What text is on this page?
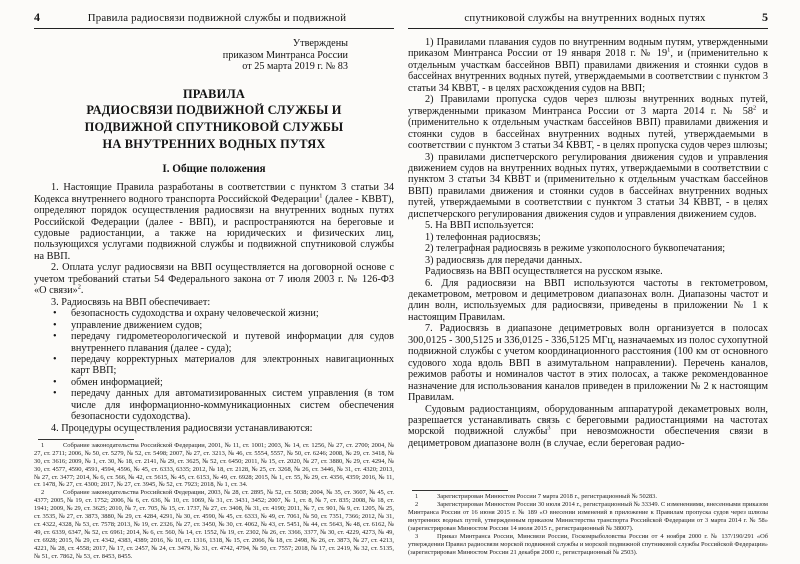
4	Правила радиосвязи подвижной службы и подвижной
Утверждены
приказом Минтранса России
от 25 марта 2019 г. № 83
ПРАВИЛА
РАДИОСВЯЗИ ПОДВИЖНОЙ СЛУЖБЫ И
ПОДВИЖНОЙ СПУТНИКОВОЙ СЛУЖБЫ
НА ВНУТРЕННИХ ВОДНЫХ ПУТЯХ
I. Общие положения

1. Настоящие Правила разработаны в соответствии с пунктом 3 статьи 34 Кодекса внутреннего водного транспорта Российской Федерации$^1$ (далее - КВВТ), определяют порядок осуществления радиосвязи на внутренних водных путях Российской Федерации (далее - ВВП), и распространяются на береговые и судовые радиостанции, а также на юридических и физических лиц, пользующихся услугами подвижной службы и подвижной спутниковой службы на ВВП.

2. Оплата услуг радиосвязи на ВВП осуществляется на договорной основе с учетом требований статьи 54 Федерального закона от 7 июля 2003 г. № 126-ФЗ «О связи»$^2$.

3. Радиосвязь на ВВП обеспечивает:

•	безопасность судоходства и охрану человеческой жизни;
•	управление движением судов;
•	передачу гидрометеорологической и путевой информации для судов внутреннего плавания (далее - суда);
•	передачу корректурных материалов для электронных навигационных карт ВВП;
•	обмен информацией;
•	передачу данных для автоматизированных систем управления (в том числе для информационно-коммуникационных систем обеспечения безопасности судоходства).

4. Процедуры осуществления радиосвязи устанавливаются:

1	Собрание законодательства Российской Федерации, 2001, № 11, ст. 1001; 2003, № 14, ст. 1256, № 27, ст. 2700; 2004, № 27, ст. 2711; 2006, № 50, ст. 5279, № 52, ст. 5498; 2007, № 27, ст. 3213, № 46, ст. 5554, 5557, № 50, ст. 6246; 2008, № 29, ст. 3418, № 30, ст. 3616; 2009, № 1, ст. 30, № 18, ст. 2141, № 29, ст. 3625, № 52, ст. 6450; 2011, № 15, ст. 2020, № 27, ст. 3880, № 29, ст. 4294, № 30, ст. 4577, 4590, 4591, 4594, 4596, № 45, ст. 6333, 6335; 2012, № 18, ст. 2128, № 25, ст. 3268, № 26, ст. 3446, № 31, ст. 4320; 2013, № 27, ст. 3477; 2014, № 6, ст. 566, № 42, ст. 5615, № 45, ст. 6153, № 49, ст. 6928; 2015, № 1, ст. 55, № 29, ст. 4356, 4359; 2016, № 11, ст. 1478, № 27, ст. 4300; 2017, № 27, ст. 3945, № 52, ст. 7923; 2018, № 1, ст. 34.

2	Собрание законодательства Российской Федерации, 2003, № 28, ст. 2895, № 52, ст. 5038; 2004, № 35, ст. 3607, № 45, ст. 4377; 2005, № 19, ст. 1752; 2006, № 6, ст. 636, № 10, ст. 1069, № 31, ст. 3431, 3452; 2007, № 1, ст. 8, № 7, ст. 835; 2008, № 18, ст. 1941; 2009, № 29, ст. 3625; 2010, № 7, ст. 705, № 15, ст. 1737, № 27, ст. 3408, № 31, ст. 4190; 2011, № 7, ст. 901, № 9, ст. 1205, № 25, ст. 3535, № 27, ст. 3873, 3880, № 29, ст. 4284, 4291, № 30, ст. 4590, № 45, ст. 6333, № 49, ст. 7061, № 50, ст. 7351, 7366; 2012, № 31, ст. 4322, 4328, № 53, ст. 7578; 2013, № 19, ст. 2326, № 27, ст. 3450, № 30, ст. 4062, № 43, ст. 5451, № 44, ст. 5643, № 48, ст. 6162, № 49, ст. 6339, 6347, № 52, ст. 6961; 2014, № 6, ст. 560, № 14, ст. 1552, № 19, ст. 2302, № 26, ст. 3366, 3377, № 30, ст. 4229, 4273, № 49, ст. 6928; 2015, № 29, ст. 4342, 4383, 4389; 2016, № 10, ст. 1316, 1318, № 15, ст. 2066, № 18, ст. 2498, № 26, ст. 3873, № 27, ст. 4213, 4221, № 28, ст. 4558; 2017, № 17, ст. 2457, № 24, ст. 3479, № 31, ст. 4742, 4794, № 50, ст. 7557; 2018, № 17, ст. 2419, № 32, ст. 5135, № 51, ст. 7862, № 53, ст. 8453, 8455.

спутниковой службы на внутренних водных путях	5

1) Правилами плавания судов по внутренним водным путям, утвержденными приказом Минтранса России от 19 января 2018 г. № $19^1$, и (применительно к отдельным участкам бассейнов ВВП) правилами движения и стоянки судов в бассейнах внутренних водных путей, утверждаемыми в соответствии с пунктом 3 статьи 34 КВВТ, - в целях расхождения судов на ВВП;

2) Правилами пропуска судов через шлюзы внутренних водных путей, утвержденными приказом Минтранса России от 3 марта 2014 г. № $58^2$ и (применительно к отдельным участкам бассейнов ВВП) правилами движения и стоянки судов в бассейнах внутренних водных путей, утверждаемыми в соответствии с пунктом 3 статьи 34 КВВТ, - в целях пропуска судов через шлюзы;

3) правилами диспетчерского регулирования движения судов и управления движением судов на внутренних водных путях, утверждаемыми в соответствии с пунктом 3 статьи 34 КВВТ и (применительно к отдельным участкам бассейнов ВВП) правилами движения и стоянки судов в бассейнах внутренних водных путей, утверждаемыми в соответствии с пунктом 3 статьи 34 КВВТ, - в целях диспетчерского регулирования движения судов и управления движением судов.

5. На ВВП используется:

1) телефонная радиосвязь;

2) телеграфная радиосвязь в режиме узкополосного буквопечатания;

3) радиосвязь для передачи данных.

Радиосвязь на ВВП осуществляется на русском языке.

6. Для радиосвязи на ВВП используются частоты в гектометровом, декаметровом, метровом и дециметровом диапазонах волн. Диапазоны частот и длин волн, используемых для радиосвязи, приведены в приложении № 1 к настоящим Правилам.

7. Радиосвязь в диапазоне дециметровых волн организуется в полосах 300,0125 - 300,5125 и 336,0125 - 336,5125 МГц, назначаемых из полос сухопутной подвижной службы с учетом координационного расстояния (100 км от основного судового хода вдоль ВВП в азимутальном направлении). Перечень каналов, режимов работы и номиналов частот в этих полосах, а также рекомендованное назначение для использования каналов приведен в приложении № 2 к настоящим Правилам.

Судовым радиостанциям, оборудованным аппаратурой декаметровых волн, разрешается устанавливать связь с береговыми радиостанциями на частотах морской подвижной службы$^3$ при невозможности обеспечения связи в дециметровом диапазоне волн (в случае, если береговая радио-

1	Зарегистрирован Минюстом России 7 марта 2018 г., регистрационный № 50283.

2	Зарегистрирован Минюстом России 30 июля 2014 г., регистрационный № 33349. С изменениями, внесенными приказом Минтранса России от 16 июня 2015 г. № 189 «О внесении изменений в приложение к Правилам пропуска судов через шлюзы внутренних водных путей, утвержденным приказом Министерства транспорта Российской Федерации от 3 марта 2014 г. № 58» (зарегистрирован Минюстом России 14 июля 2015 г., регистрационный № 38007).

3	Приказ Минтранса России, Минсвязи России, Госкомрыболовства России от 4 ноября 2000 г. № 137/190/291 «Об утверждении Правил радиосвязи морской подвижной службы и морской подвижной спутниковой службы Российской Федерации» (зарегистрирован Минюстом России 21 декабря 2000 г., регистрационный № 2503).
